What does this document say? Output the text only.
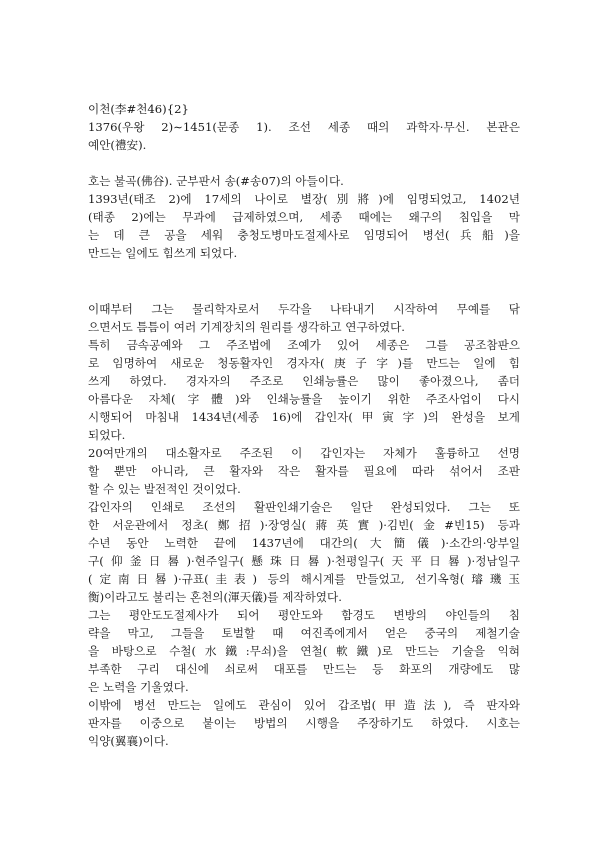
이천(李#천46){2}
1376(우왕 2)∼1451(문종 1). 조선 세종 때의 과학자·무신. 본관은
예안(禮安).
호는 불곡(佛谷). 군부판서 송(#송07)의 아들이다.
1393년(태조 2)에 17세의 나이로 별장(別將)에 임명되었고, 1402년
(태종 2)에는 무과에 급제하였으며, 세종 때에는 왜구의 침입을 막
는 데 큰 공을 세워 충청도병마도절제사로 임명되어 병선(兵船)을
만드는 일에도 힘쓰게 되었다.
이때부터 그는 물리학자로서 두각을 나타내기 시작하여 무예를 닦
으면서도 틈틈이 여러 기계장치의 원리를 생각하고 연구하였다.
특히 금속공예와 그 주조법에 조예가 있어 세종은 그를 공조참판으
로 임명하여 새로운 청동활자인 경자자(庚子字)를 만드는 일에 힘
쓰게 하였다. 경자자의 주조로 인쇄능률은 많이 좋아졌으나, 좀더
아름다운 자체(字體)와 인쇄능률을 높이기 위한 주조사업이 다시
시행되어 마침내 1434년(세종 16)에 갑인자(甲寅字)의 완성을 보게
되었다.
20여만개의 대소활자로 주조된 이 갑인자는 자체가 훌륭하고 선명
할 뿐만 아니라, 큰 활자와 작은 활자를 필요에 따라 섞어서 조판
할 수 있는 발전적인 것이었다.
갑인자의 인쇄로 조선의 활판인쇄기술은 일단 완성되었다. 그는 또
한 서운관에서 정초(鄭招)·장영실(蔣英實)·김빈(金#빈15) 등과
수년 동안 노력한 끝에 1437년에 대간의(大簡儀)·소간의·앙부일
구(仰釜日晷)·현주일구(懸珠日晷)·천평일구(天平日晷)·정남일구
(定南日晷)·규표(圭表) 등의 해시계를 만들었고, 선기옥형(璿璣玉
衡)이라고도 불리는 혼천의(渾天儀)를 제작하였다.
그는 평안도도절제사가 되어 평안도와 함경도 변방의 야인들의 침
략을 막고, 그들을 토벌할 때 여진족에게서 얻은 중국의 제철기술
을 바탕으로 수철(水鐵:무쇠)을 연철(軟鐵)로 만드는 기술을 익혀
부족한 구리 대신에 쇠로써 대포를 만드는 등 화포의 개량에도 많
은 노력을 기울였다.
이밖에 병선 만드는 일에도 관심이 있어 갑조법(甲造法), 즉 판자와
판자를 이중으로 붙이는 방법의 시행을 주장하기도 하였다. 시호는
익양(翼襄)이다.
